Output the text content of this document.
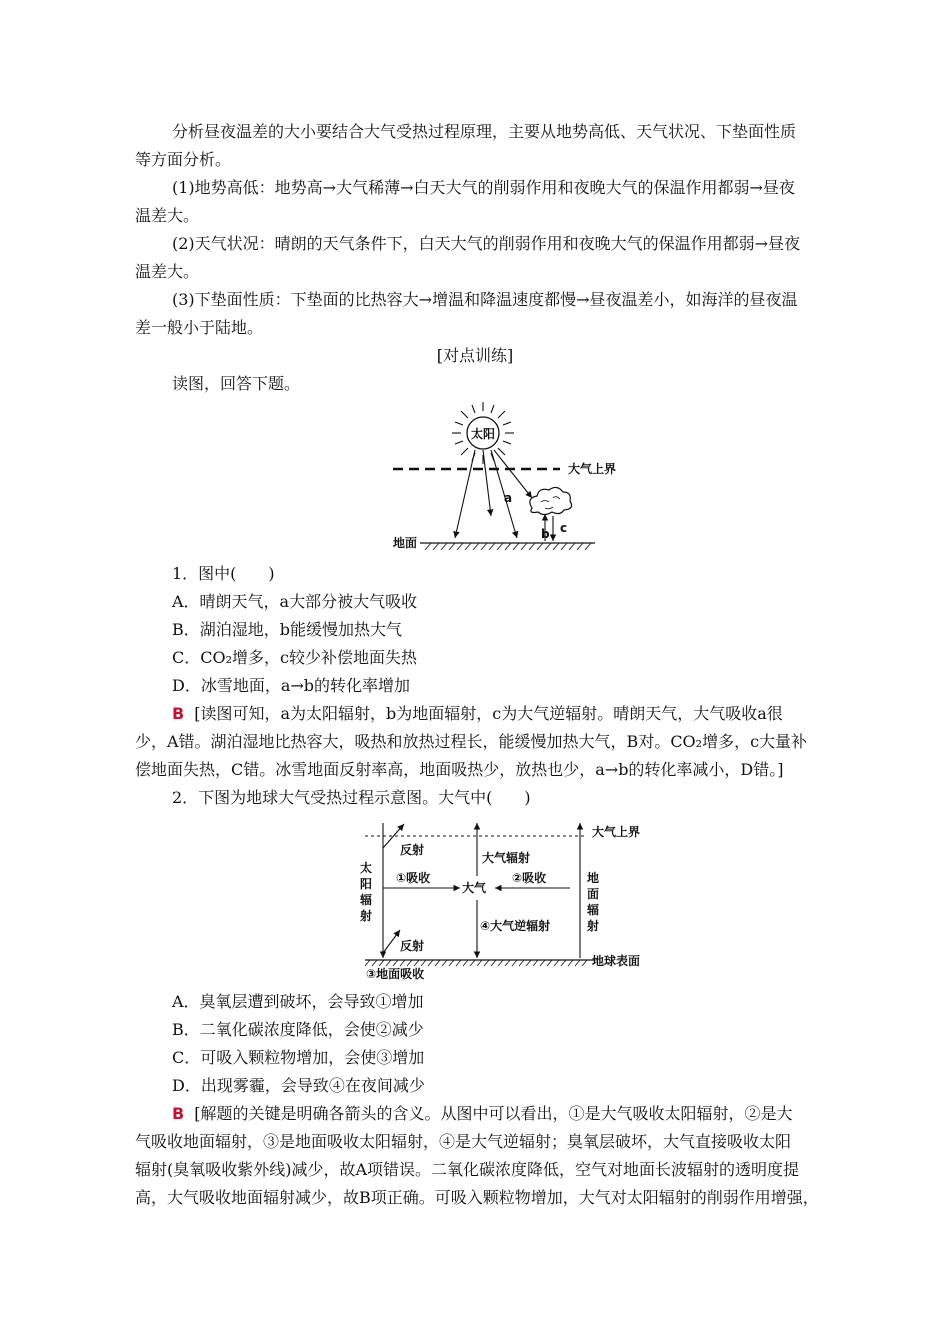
分析昼夜温差的大小要结合大气受热过程原理，主要从地势高低、天气状况、下垫面性质
等方面分析。
(1)地势高低：地势高→大气稀薄→白天大气的削弱作用和夜晚大气的保温作用都弱→昼夜
温差大。
(2)天气状况：晴朗的天气条件下，白天大气的削弱作用和夜晚大气的保温作用都弱→昼夜
温差大。
(3)下垫面性质：下垫面的比热容大→增温和降温速度都慢→昼夜温差小，如海洋的昼夜温
差一般小于陆地。
[对点训练]
读图，回答下题。
太阳
大气上界
a
b c
地面
1．图中(　　)
A．晴朗天气，a大部分被大气吸收
B．湖泊湿地，b能缓慢加热大气
C．CO₂增多，c较少补偿地面失热
D．冰雪地面，a→b的转化率增加
B [读图可知，a为太阳辐射，b为地面辐射，c为大气逆辐射。晴朗天气，大气吸收a很
少，A错。湖泊湿地比热容大，吸热和放热过程长，能缓慢加热大气，B对。CO₂增多，c大量补
偿地面失热，C错。冰雪地面反射率高，地面吸热少，放热也少，a→b的转化率减小，D错。]
2．下图为地球大气受热过程示意图。大气中(　　)
大气上界
太
阳
辐
射
地
面
辐
射
反射
反射
大气辐射
①吸收	②吸收
大气
④大气逆辐射
地球表面
③地面吸收
A．臭氧层遭到破坏，会导致①增加
B．二氧化碳浓度降低，会使②减少
C．可吸入颗粒物增加，会使③增加
D．出现雾霾，会导致④在夜间减少
B [解题的关键是明确各箭头的含义。从图中可以看出，①是大气吸收太阳辐射，②是大
气吸收地面辐射，③是地面吸收太阳辐射，④是大气逆辐射；臭氧层破坏，大气直接吸收太阳
辐射(臭氧吸收紫外线)减少，故A项错误。二氧化碳浓度降低，空气对地面长波辐射的透明度提
高，大气吸收地面辐射减少，故B项正确。可吸入颗粒物增加，大气对太阳辐射的削弱作用增强，
